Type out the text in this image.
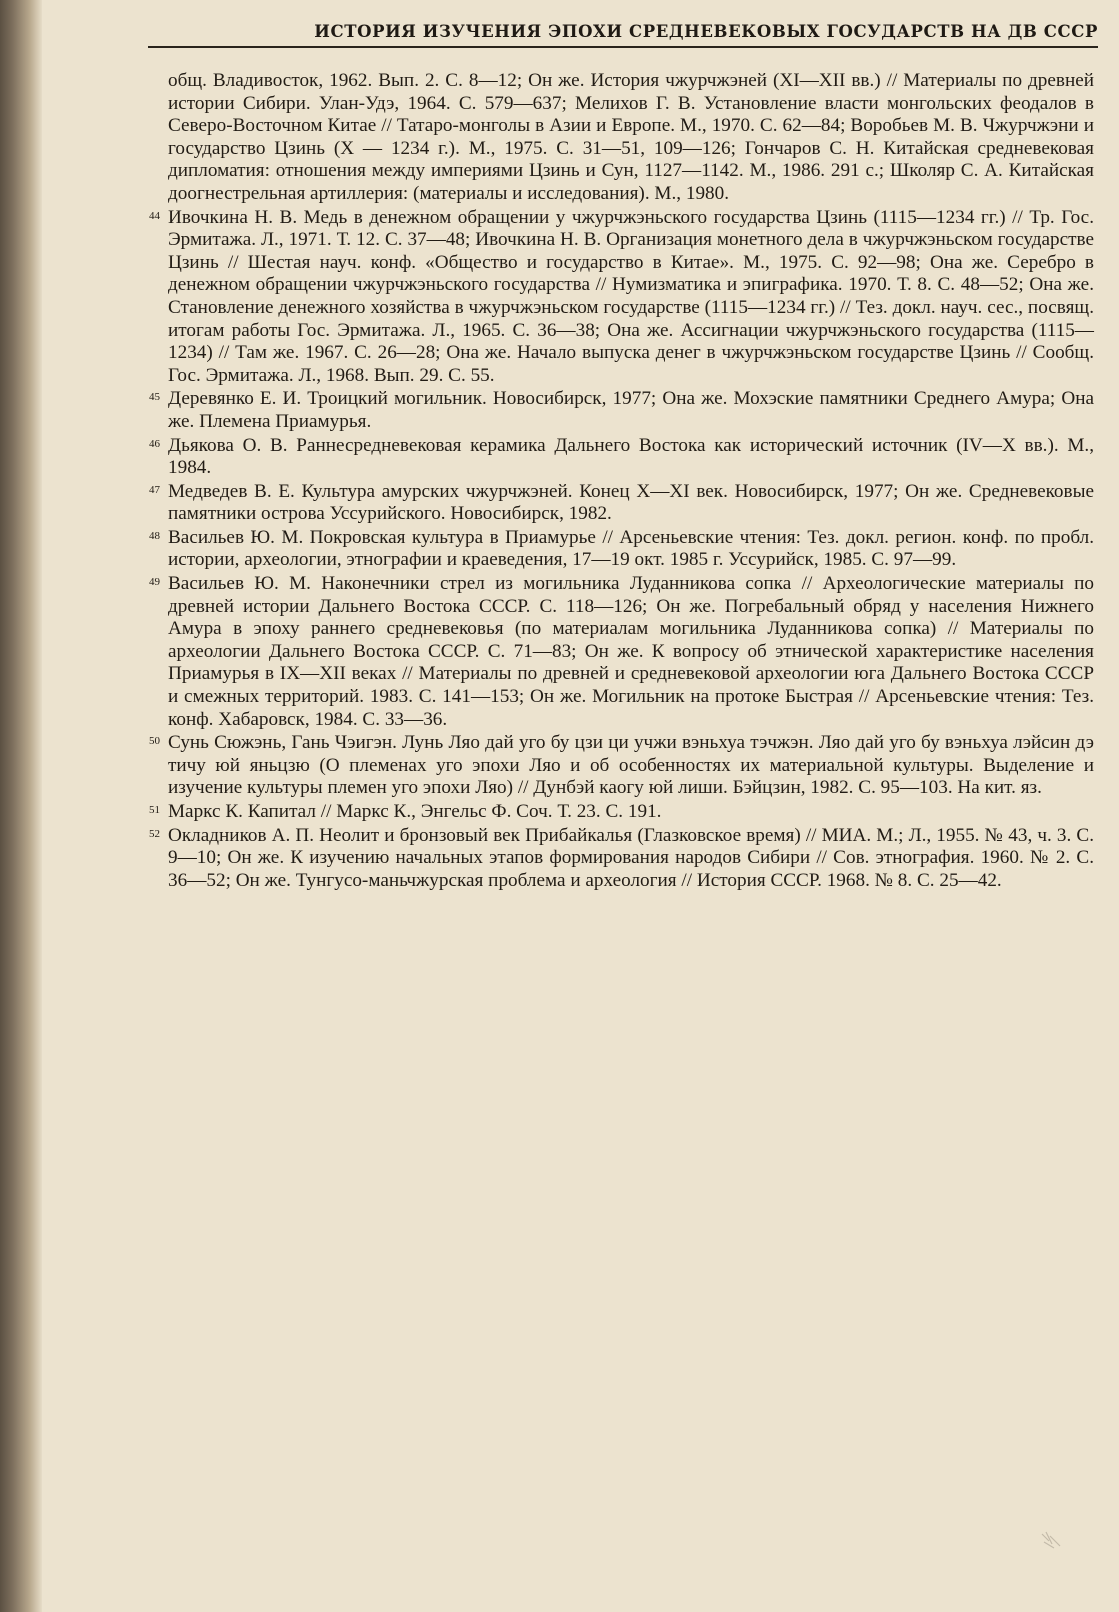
ИСТОРИЯ ИЗУЧЕНИЯ ЭПОХИ СРЕДНЕВЕКОВЫХ ГОСУДАРСТВ НА ДВ СССР
общ. Владивосток, 1962. Вып. 2. С. 8—12; Он же. История чжурчжэней (XI—XII вв.) // Материалы по древней истории Сибири. Улан-Удэ, 1964. С. 579—637; Мелихов Г. В. Установление власти монгольских феодалов в Северо-Восточном Китае // Татаро-монголы в Азии и Европе. М., 1970. С. 62—84; Воробьев М. В. Чжурчжэни и государство Цзинь (Х — 1234 г.). М., 1975. С. 31—51, 109—126; Гончаров С. Н. Китайская средневековая дипломатия: отношения между империями Цзинь и Сун, 1127—1142. М., 1986. 291 с.; Школяр С. А. Китайская доогнестрельная артиллерия: (материалы и исследования). М., 1980.
44 Ивочкина Н. В. Медь в денежном обращении у чжурчжэньского государства Цзинь (1115—1234 гг.) // Тр. Гос. Эрмитажа. Л., 1971. Т. 12. С. 37—48; Ивочкина Н. В. Организация монетного дела в чжурчжэньском государстве Цзинь // Шестая науч. конф. «Общество и государство в Китае». М., 1975. С. 92—98; Она же. Серебро в денежном обращении чжурчжэньского государства // Нумизматика и эпиграфика. 1970. Т. 8. С. 48—52; Она же. Становление денежного хозяйства в чжурчжэньском государстве (1115—1234 гг.) // Тез. докл. науч. сес., посвящ. итогам работы Гос. Эрмитажа. Л., 1965. С. 36—38; Она же. Ассигнации чжурчжэньского государства (1115—1234) // Там же. 1967. С. 26—28; Она же. Начало выпуска денег в чжурчжэньском государстве Цзинь // Сообщ. Гос. Эрмитажа. Л., 1968. Вып. 29. С. 55.
45 Деревянко Е. И. Троицкий могильник. Новосибирск, 1977; Она же. Мохэские памятники Среднего Амура; Она же. Племена Приамурья.
46 Дьякова О. В. Раннесредневековая керамика Дальнего Востока как исторический источник (IV—X вв.). М., 1984.
47 Медведев В. Е. Культура амурских чжурчжэней. Конец X—XI век. Новосибирск, 1977; Он же. Средневековые памятники острова Уссурийского. Новосибирск, 1982.
48 Васильев Ю. М. Покровская культура в Приамурье // Арсеньевские чтения: Тез. докл. регион. конф. по пробл. истории, археологии, этнографии и краеведения, 17—19 окт. 1985 г. Уссурийск, 1985. С. 97—99.
49 Васильев Ю. М. Наконечники стрел из могильника Луданникова сопка // Археологические материалы по древней истории Дальнего Востока СССР. С. 118—126; Он же. Погребальный обряд у населения Нижнего Амура в эпоху раннего средневековья (по материалам могильника Луданникова сопка) // Материалы по археологии Дальнего Востока СССР. С. 71—83; Он же. К вопросу об этнической характеристике населения Приамурья в IX—XII веках // Материалы по древней и средневековой археологии юга Дальнего Востока СССР и смежных территорий. 1983. С. 141—153; Он же. Могильник на протоке Быстрая // Арсеньевские чтения: Тез. конф. Хабаровск, 1984. С. 33—36.
50 Сунь Сюжэнь, Гань Чэигэн. Лунь Ляо дай уго бу цзи ци учжи вэньхуа тэчжэн. Ляо дай уго бу вэньхуа лэйсин дэ тичу юй яньцзю (О племенах уго эпохи Ляо и об особенностях их материальной культуры. Выделение и изучение культуры племен уго эпохи Ляо) // Дунбэй каогу юй лиши. Бэйцзин, 1982. С. 95—103. На кит. яз.
51 Маркс К. Капитал // Маркс К., Энгельс Ф. Соч. Т. 23. С. 191.
52 Окладников А. П. Неолит и бронзовый век Прибайкалья (Глазковское время) // МИА. М.; Л., 1955. № 43, ч. 3. С. 9—10; Он же. К изучению начальных этапов формирования народов Сибири // Сов. этнография. 1960. № 2. С. 36—52; Он же. Тунгусо-маньчжурская проблема и археология // История СССР. 1968. № 8. С. 25—42.
